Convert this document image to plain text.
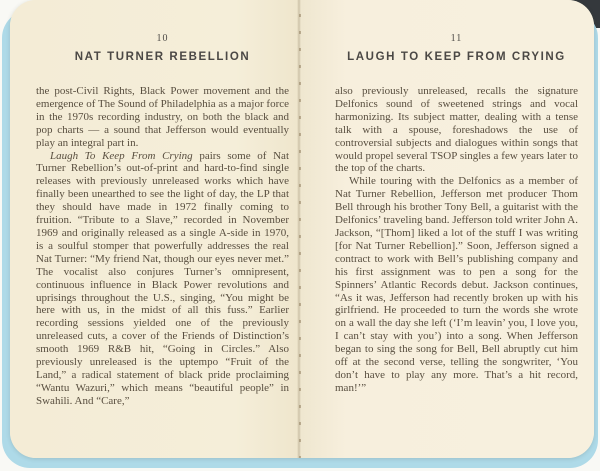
10
NAT TURNER REBELLION

the post-Civil Rights, Black Power movement and the emergence of The Sound of Philadelphia as a major force in the 1970s recording industry, on both the black and pop charts — a sound that Jefferson would eventually play an integral part in.

Laugh To Keep From Crying pairs some of Nat Turner Rebellion’s out-of-print and hard-to-find single releases with previously unreleased works which have finally been unearthed to see the light of day, the LP that they should have made in 1972 finally coming to fruition. “Tribute to a Slave,” recorded in November 1969 and originally released as a single A-side in 1970, is a soulful stomper that powerfully addresses the real Nat Turner: “My friend Nat, though our eyes never met.” The vocalist also conjures Turner’s omnipresent, continuous influence in Black Power revolutions and uprisings throughout the U.S., singing, “You might be here with us, in the midst of all this fuss.” Earlier recording sessions yielded one of the previously unreleased cuts, a cover of the Friends of Distinction’s smooth 1969 R&B hit, “Going in Circles.” Also previously unreleased is the uptempo “Fruit of the Land,” a radical statement of black pride proclaiming “Wantu Wazuri,” which means “beautiful people” in Swahili. And “Care,”

11
LAUGH TO KEEP FROM CRYING

also previously unreleased, recalls the signature Delfonics sound of sweetened strings and vocal harmonizing. Its subject matter, dealing with a tense talk with a spouse, foreshadows the use of controversial subjects and dialogues within songs that would propel several TSOP singles a few years later to the top of the charts.

While touring with the Delfonics as a member of Nat Turner Rebellion, Jefferson met producer Thom Bell through his brother Tony Bell, a guitarist with the Delfonics’ traveling band. Jefferson told writer John A. Jackson, “[Thom] liked a lot of the stuff I was writing [for Nat Turner Rebellion].” Soon, Jefferson signed a contract to work with Bell’s publishing company and his first assignment was to pen a song for the Spinners’ Atlantic Records debut. Jackson continues, “As it was, Jefferson had recently broken up with his girlfriend. He proceeded to turn the words she wrote on a wall the day she left (‘I’m leavin’ you, I love you, I can’t stay with you’) into a song. When Jefferson began to sing the song for Bell, Bell abruptly cut him off at the second verse, telling the songwriter, ‘You don’t have to play any more. That’s a hit record, man!’”
